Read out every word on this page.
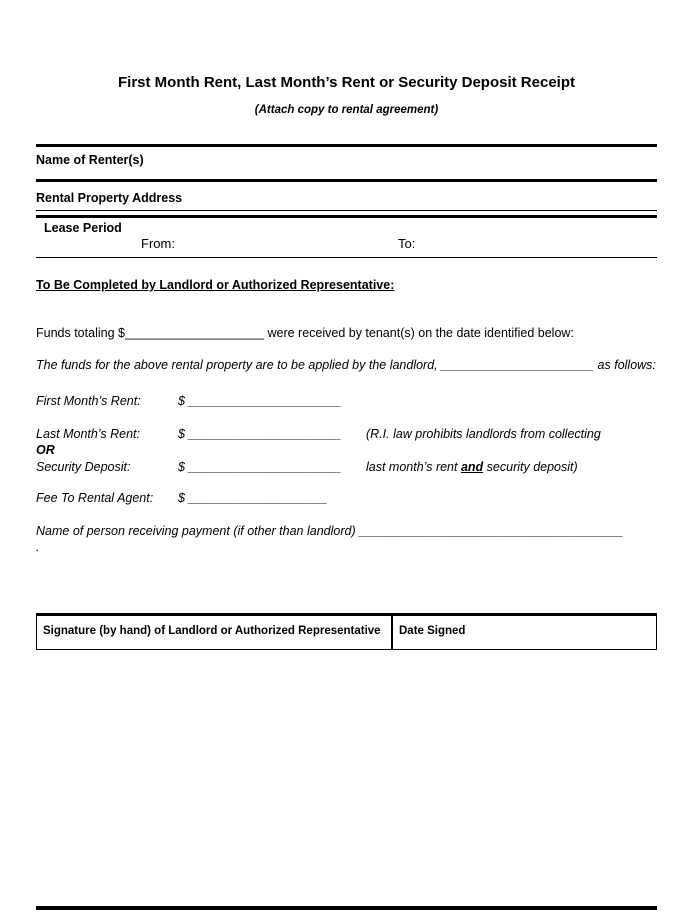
First Month Rent, Last Month’s Rent or Security Deposit Receipt
(Attach copy to rental agreement)
Name of Renter(s)
Rental Property Address
Lease Period
From:	To:
To Be Completed by Landlord or Authorized Representative:
Funds totaling $____________________ were received by tenant(s) on the date identified below:
The funds for the above rental property are to be applied by the landlord, ______________________ as follows:
First Month’s Rent:	$ ______________________
Last Month’s Rent:	$ ______________________	(R.I. law prohibits landlords from collecting
OR
Security Deposit:	$ ______________________	last month’s rent and security deposit)
Fee To Rental Agent:	$ ____________________
Name of person receiving payment (if other than landlord) ______________________________________
.
Signature (by hand) of Landlord or Authorized Representative	Date Signed
